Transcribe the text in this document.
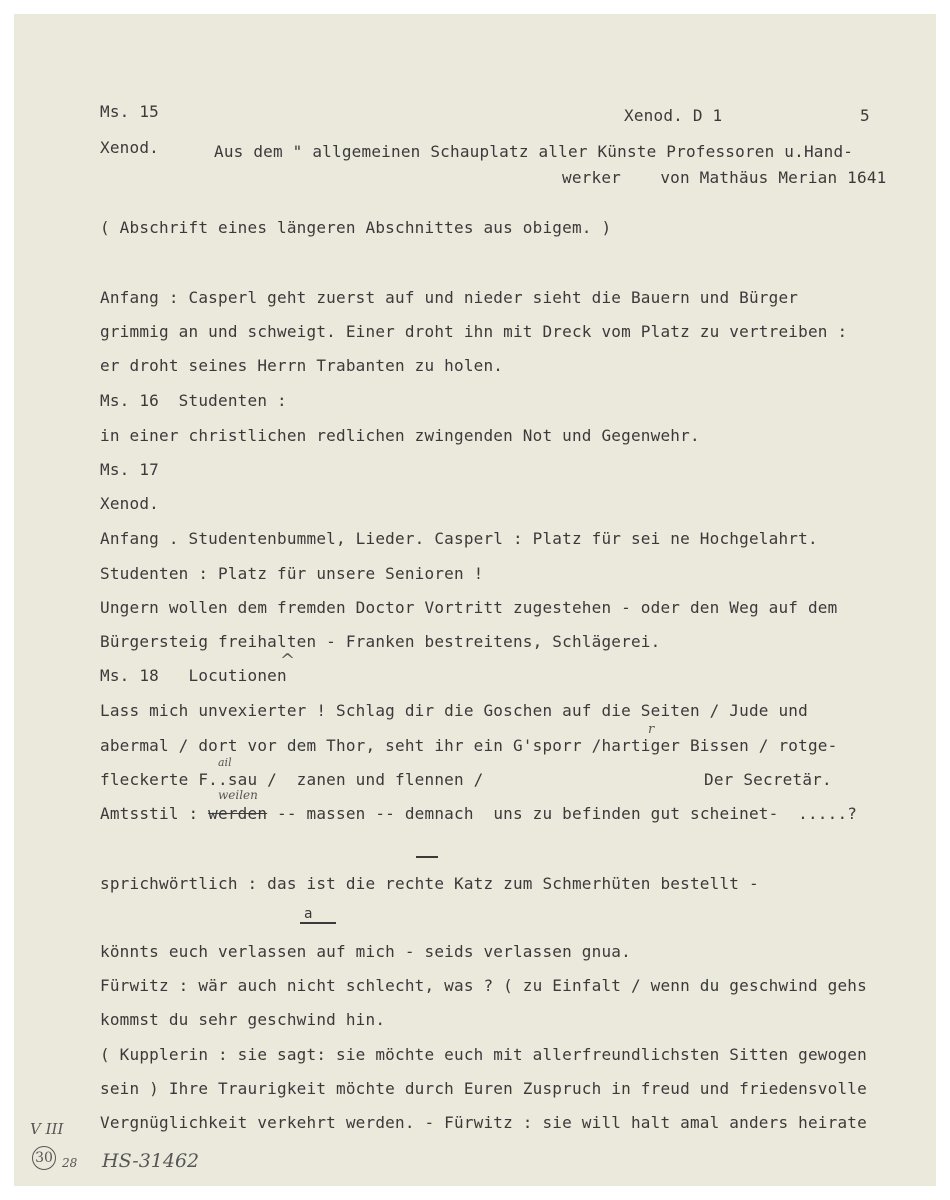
Ms. 15	Xenod. D 1	5
Xenod.	Aus dem " allgemeinen Schauplatz aller Künste Professoren u.Hand-
werker    von Mathäus Merian 1641
( Abschrift eines längeren Abschnittes aus obigem. )
Anfang : Casperl geht zuerst auf und nieder sieht die Bauern und Bürger
grimmig an und schweigt. Einer droht ihn mit Dreck vom Platz zu vertreiben :
er droht seines Herrn Trabanten zu holen.
Ms. 16  Studenten :
in einer christlichen redlichen zwingenden Not und Gegenwehr.
Ms. 17
Xenod.
Anfang . Studentenbummel, Lieder. Casperl : Platz für sei ne Hochgelahrt.
Studenten : Platz für unsere Senioren !
Ungern wollen dem fremden Doctor Vortritt zugestehen - oder den Weg auf dem
Bürgersteig freihalten - Franken bestreitens, Schlägerei.
^
Ms. 18   Locutionen
Lass mich unvexierter ! Schlag dir die Goschen auf die Seiten / Jude und
r
abermal / dort vor dem Thor, seht ihr ein G'sporr /hartiger Bissen / rotge-
ail
fleckerte F..sau /  zanen und flennen /	Der Secretär.
weilen
Amtsstil : werden -- massen -- demnach  uns zu befinden gut scheinet-  .....?
sprichwörtlich : das ist die rechte Katz zum Schmerhüten bestellt -
a
könnts euch verlassen auf mich - seids verlassen gnua.
Fürwitz : wär auch nicht schlecht, was ? ( zu Einfalt / wenn du geschwind gehs
kommst du sehr geschwind hin.
( Kupplerin : sie sagt: sie möchte euch mit allerfreundlichsten Sitten gewogen
sein ) Ihre Traurigkeit möchte durch Euren Zuspruch in freud und friedensvolle
Vergnüglichkeit verkehrt werden. - Fürwitz : sie will halt amal anders heirate
V III
30 28 HS-31462
